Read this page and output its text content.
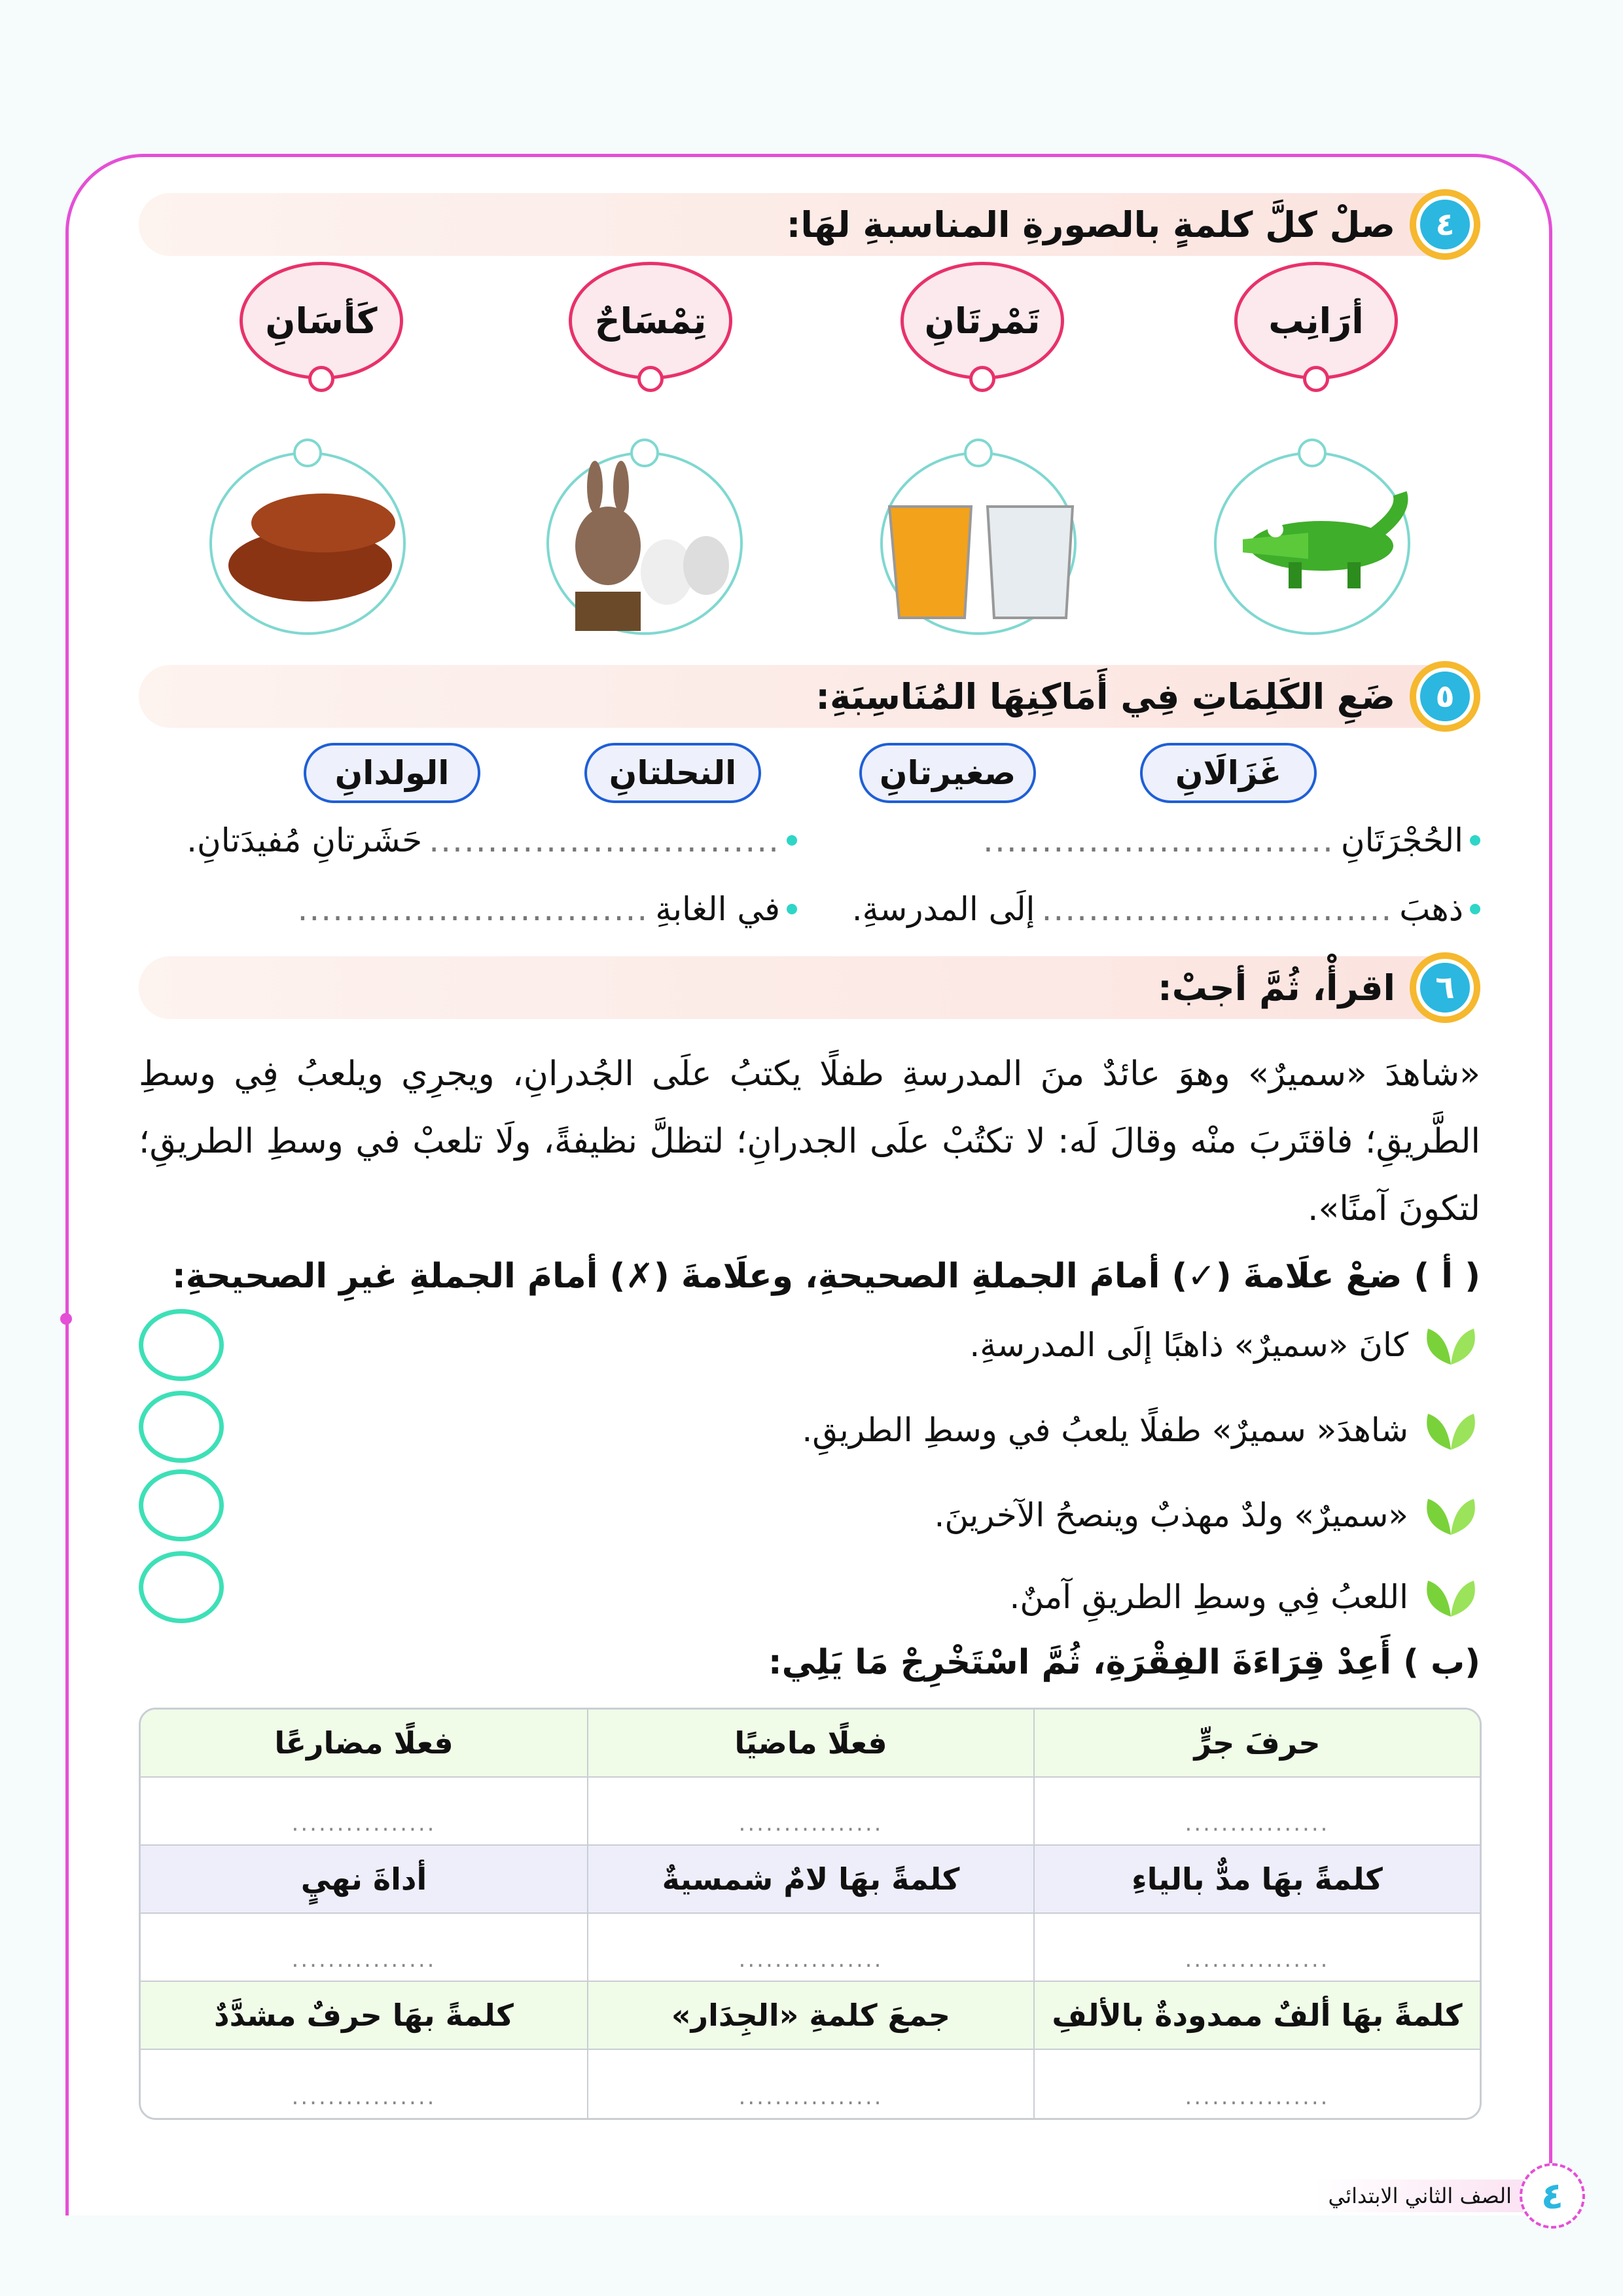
٤
صلْ كلَّ كلمةٍ بالصورةِ المناسبةِ لهَا:
أرَانِب
تَمْرتَانِ
تِمْسَاحٌ
كَأسَانِ
٥
ضَعِ الكَلِمَاتِ فِي أَمَاكِنِهَا المُنَاسِبَةِ:
غَزَالَانِ
صغيرتانِ
النحلتانِ
الولدانِ
الحُجْرَتَانِ
..............................
..............................
حَشَرتانِ مُفيدَتانِ.
ذهبَ
..............................
إلَى المدرسةِ.
في الغابةِ
..............................
٦
اقرأْ، ثُمَّ أجبْ:

«شاهدَ «سميرٌ» وهوَ عائدٌ منَ المدرسةِ طفلًا يكتبُ علَى الجُدرانِ، ويجرِي ويلعبُ فِي وسطِ الطَّريقِ؛ فاقتَربَ منْه وقالَ لَه: لا تكتُبْ علَى الجدرانِ؛ لتظلَّ نظيفةً، ولَا تلعبْ في وسطِ الطريقِ؛ لتكونَ آمنًا».

( أ ) ضعْ علَامةَ (✓) أمامَ الجملةِ الصحيحةِ، وعلَامةَ (✗) أمامَ الجملةِ غيرِ الصحيحةِ:
كانَ «سميرٌ» ذاهبًا إلَى المدرسةِ.
شاهدَ« سميرٌ» طفلًا يلعبُ في وسطِ الطريقِ.
«سميرٌ» ولدٌ مهذبٌ وينصحُ الآخرينَ.
اللعبُ فِي وسطِ الطريقِ آمنٌ.
(ب ) أَعِدْ قِرَاءَةَ الفِقْرَةِ، ثُمَّ اسْتَخْرِجْ مَا يَلِي:
حرفَ جرٍّ	فعلًا ماضيًا	فعلًا مضارعًا
................	................	................
كلمةً بهَا مدٌّ بالياءِ	كلمةً بهَا لامٌ شمسيةٌ	أداةَ نهيٍ
................	................	................
كلمةً بهَا ألفٌ ممدودةٌ بالألفِ	جمعَ كلمةِ «الجِدَار»	كلمةً بهَا حرفٌ مشدَّدٌ
................	................	................
الصف الثاني الابتدائي ٤
